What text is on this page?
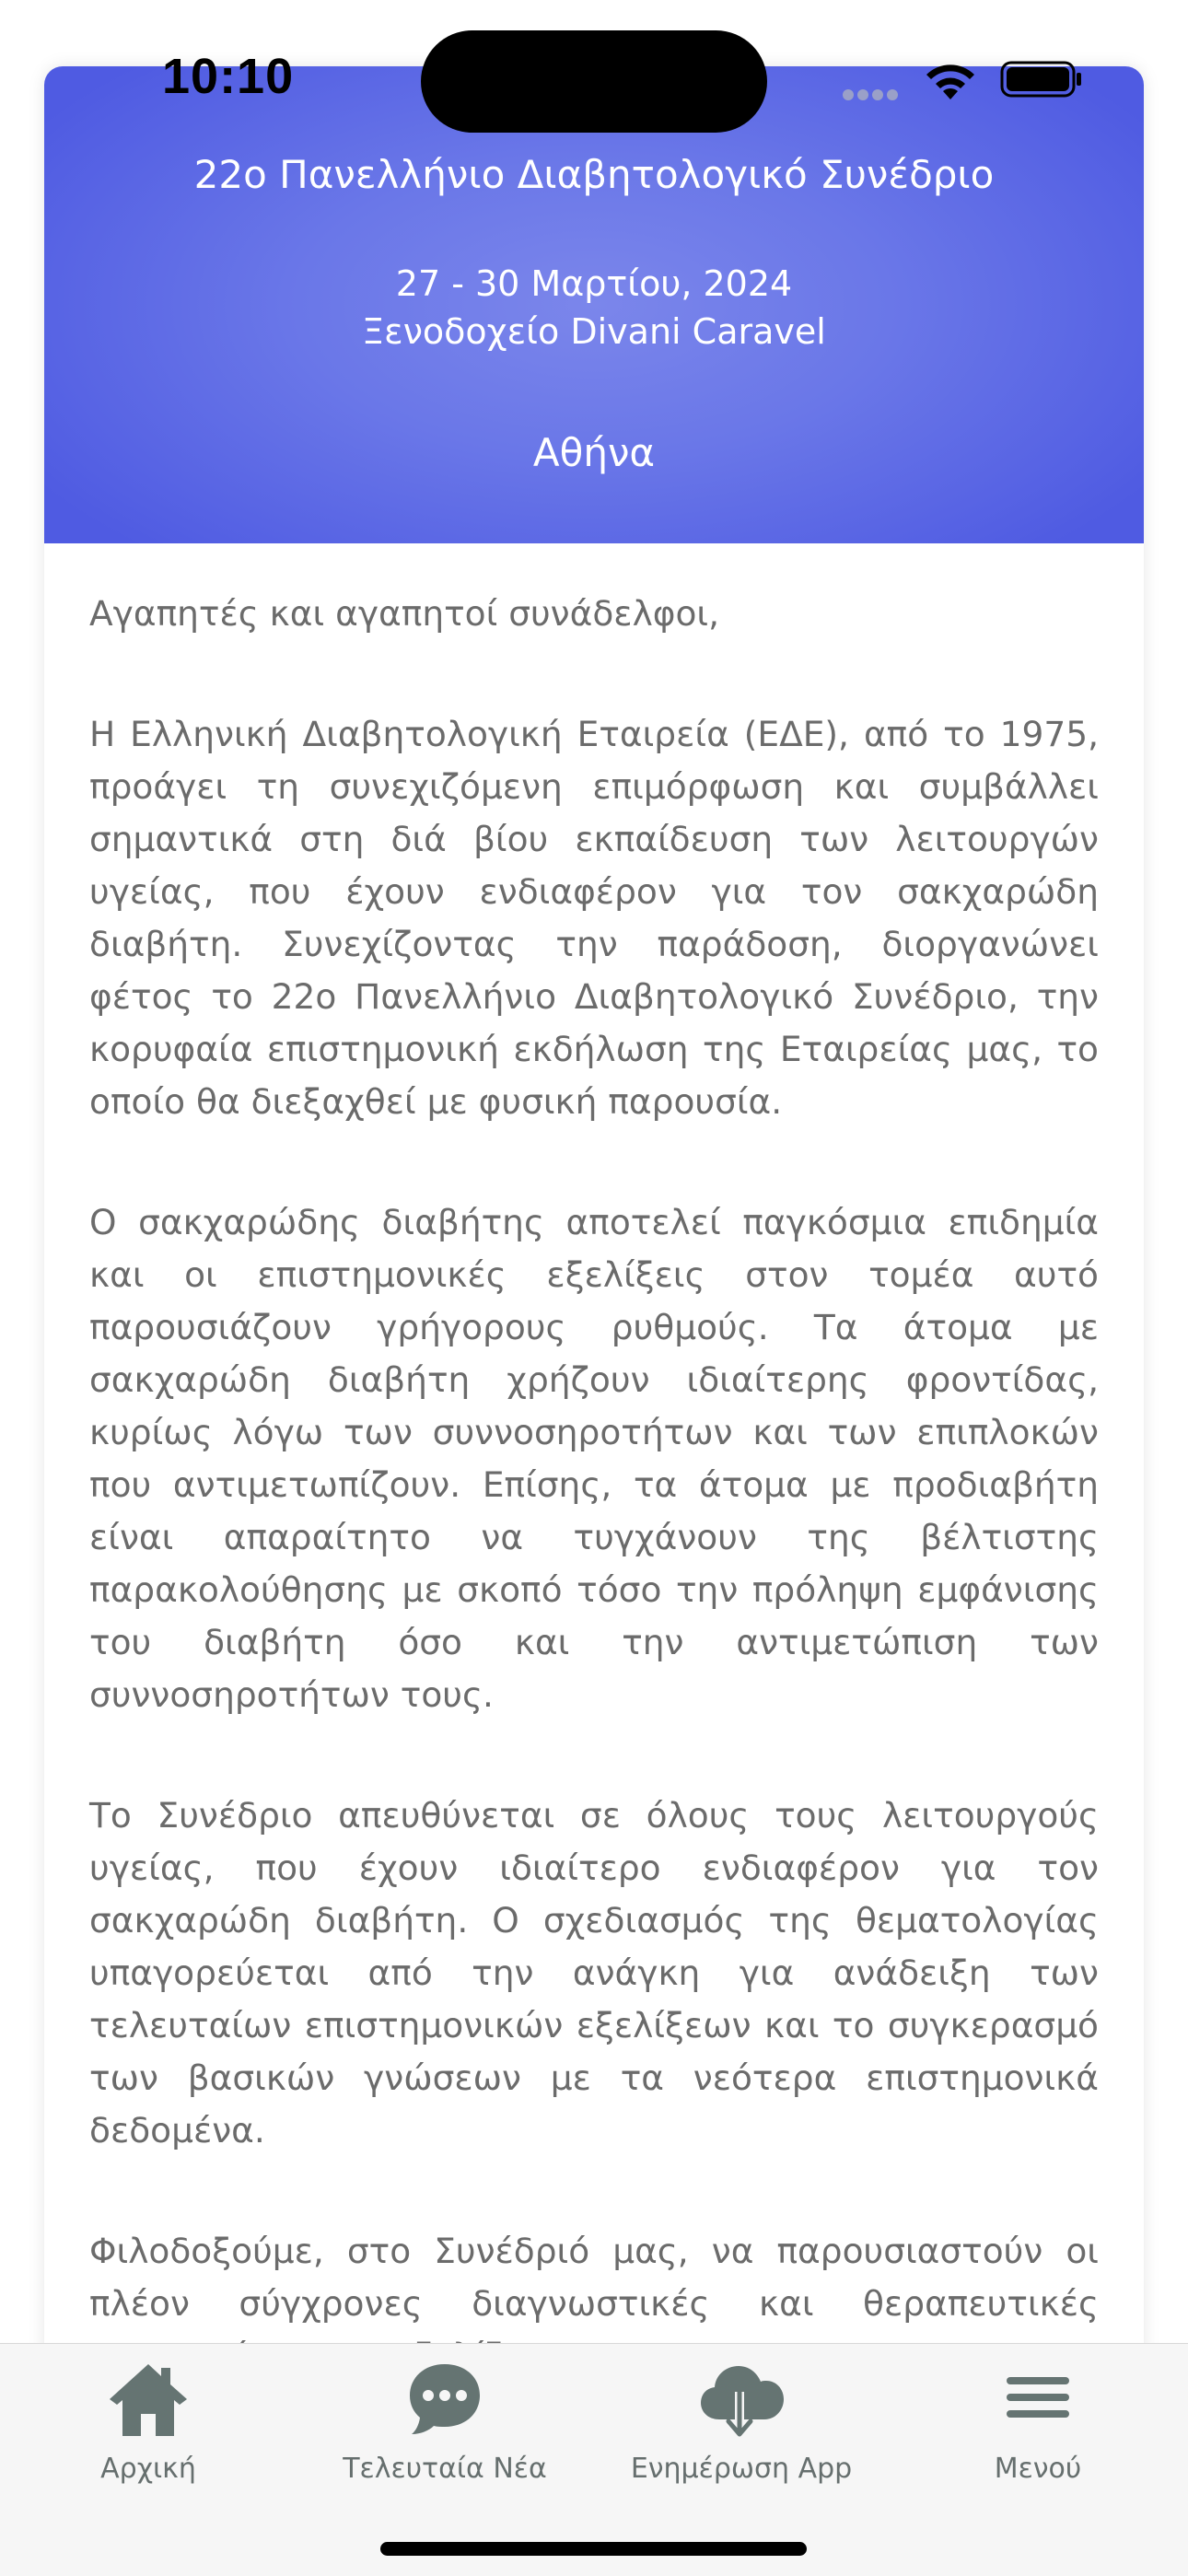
10:10
22ο Πανελλήνιο Διαβητολογικό Συνέδριο
27 - 30 Μαρτίου, 2024
Ξενοδοχείο Divani Caravel
Αθήνα

Αγαπητές και αγαπητοί συνάδελφοι,

Η Ελληνική Διαβητολογική Εταιρεία (ΕΔΕ), από το 1975, προάγει τη συνεχιζόμενη επιμόρφωση και συμβάλλει σημαντικά στη διά βίου εκπαίδευση των λειτουργών υγείας, που έχουν ενδιαφέρον για τον σακχαρώδη διαβήτη. Συνεχίζοντας την παράδοση, διοργανώνει φέτος το 22ο Πανελλήνιο Διαβητολογικό Συνέδριο, την κορυφαία επιστημονική εκδήλωση της Εταιρείας μας, το οποίο θα διεξαχθεί με φυσική παρουσία.

Ο σακχαρώδης διαβήτης αποτελεί παγκόσμια επιδημία και οι επιστημονικές εξελίξεις στον τομέα αυτό παρουσιάζουν γρήγορους ρυθμούς. Τα άτομα με σακχαρώδη διαβήτη χρήζουν ιδιαίτερης φροντίδας, κυρίως λόγω των συννοσηροτήτων και των επιπλοκών που αντιμετωπίζουν. Επίσης, τα άτομα με προδιαβήτη είναι απαραίτητο να τυγχάνουν της βέλτιστης παρακολούθησης με σκοπό τόσο την πρόληψη εμφάνισης του διαβήτη όσο και την αντιμετώπιση των συννοσηροτήτων τους.

Το Συνέδριο απευθύνεται σε όλους τους λειτουργούς υγείας, που έχουν ιδιαίτερο ενδιαφέρον για τον σακχαρώδη διαβήτη. Ο σχεδιασμός της θεματολογίας υπαγορεύεται από την ανάγκη για ανάδειξη των τελευταίων επιστημονικών εξελίξεων και το συγκερασμό των βασικών γνώσεων με τα νεότερα επιστημονικά δεδομένα.

Φιλοδοξούμε, στο Συνέδριό μας, να παρουσιαστούν οι πλέον σύγχρονες διαγνωστικές και θεραπευτικές

Αρχική	Τελευταία Νέα	Ενημέρωση App	Μενού
